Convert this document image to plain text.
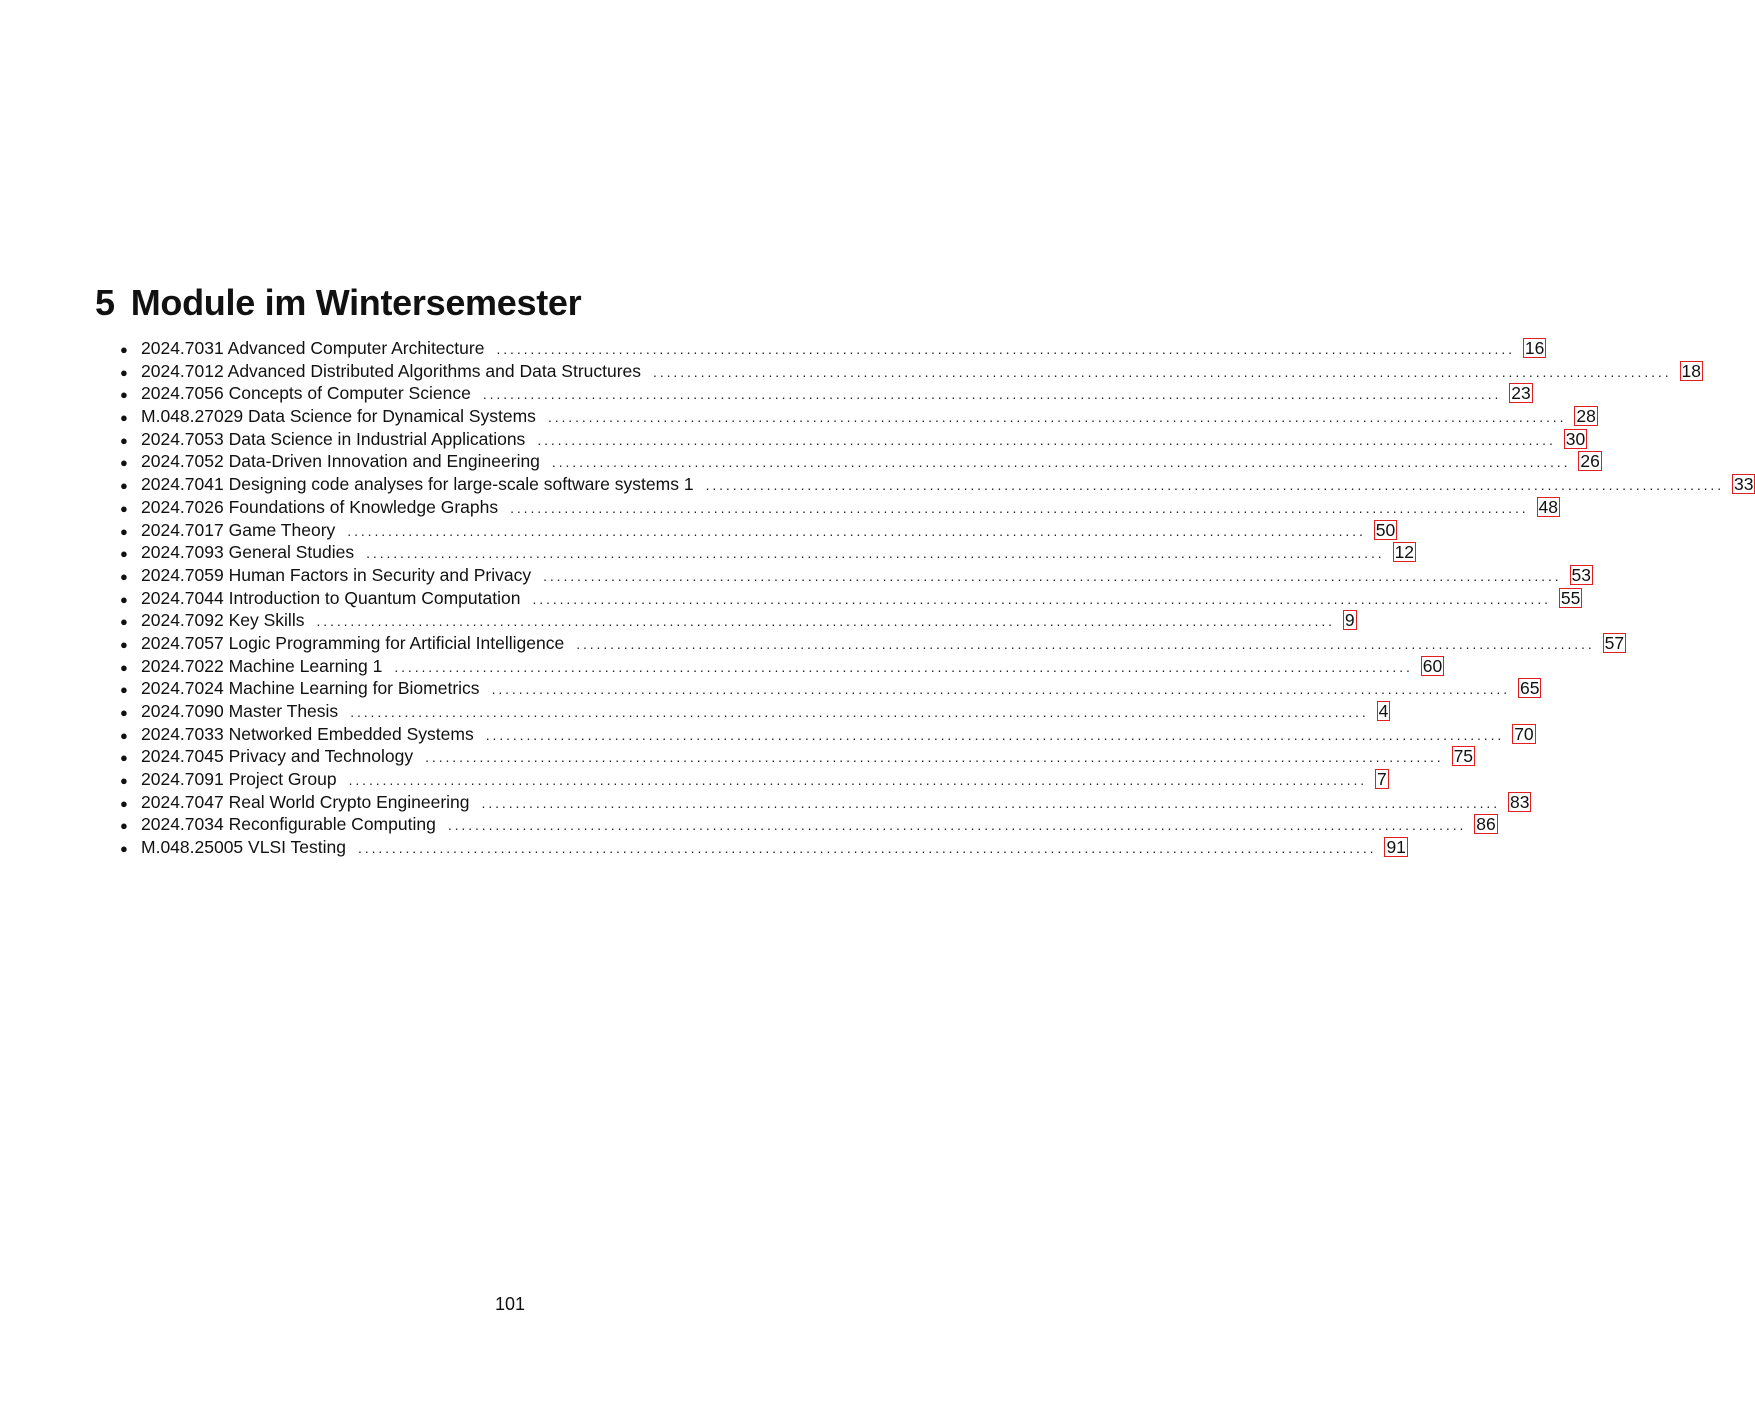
5 Module im Wintersemester
● 2024.7031 Advanced Computer Architecture ...................................................................................................................................................... 16
● 2024.7012 Advanced Distributed Algorithms and Data Structures ...................................................................................................................................................... 18
● 2024.7056 Concepts of Computer Science ...................................................................................................................................................... 23
● M.048.27029 Data Science for Dynamical Systems ...................................................................................................................................................... 28
● 2024.7053 Data Science in Industrial Applications ...................................................................................................................................................... 30
● 2024.7052 Data-Driven Innovation and Engineering ...................................................................................................................................................... 26
● 2024.7041 Designing code analyses for large-scale software systems 1 ...................................................................................................................................................... 33
● 2024.7026 Foundations of Knowledge Graphs ...................................................................................................................................................... 48
● 2024.7017 Game Theory ...................................................................................................................................................... 50
● 2024.7093 General Studies ...................................................................................................................................................... 12
● 2024.7059 Human Factors in Security and Privacy ...................................................................................................................................................... 53
● 2024.7044 Introduction to Quantum Computation ...................................................................................................................................................... 55
● 2024.7092 Key Skills ...................................................................................................................................................... 9
● 2024.7057 Logic Programming for Artificial Intelligence ...................................................................................................................................................... 57
● 2024.7022 Machine Learning 1 ...................................................................................................................................................... 60
● 2024.7024 Machine Learning for Biometrics ...................................................................................................................................................... 65
● 2024.7090 Master Thesis ...................................................................................................................................................... 4
● 2024.7033 Networked Embedded Systems ...................................................................................................................................................... 70
● 2024.7045 Privacy and Technology ...................................................................................................................................................... 75
● 2024.7091 Project Group ...................................................................................................................................................... 7
● 2024.7047 Real World Crypto Engineering ...................................................................................................................................................... 83
● 2024.7034 Reconfigurable Computing ...................................................................................................................................................... 86
● M.048.25005 VLSI Testing ...................................................................................................................................................... 91
101
